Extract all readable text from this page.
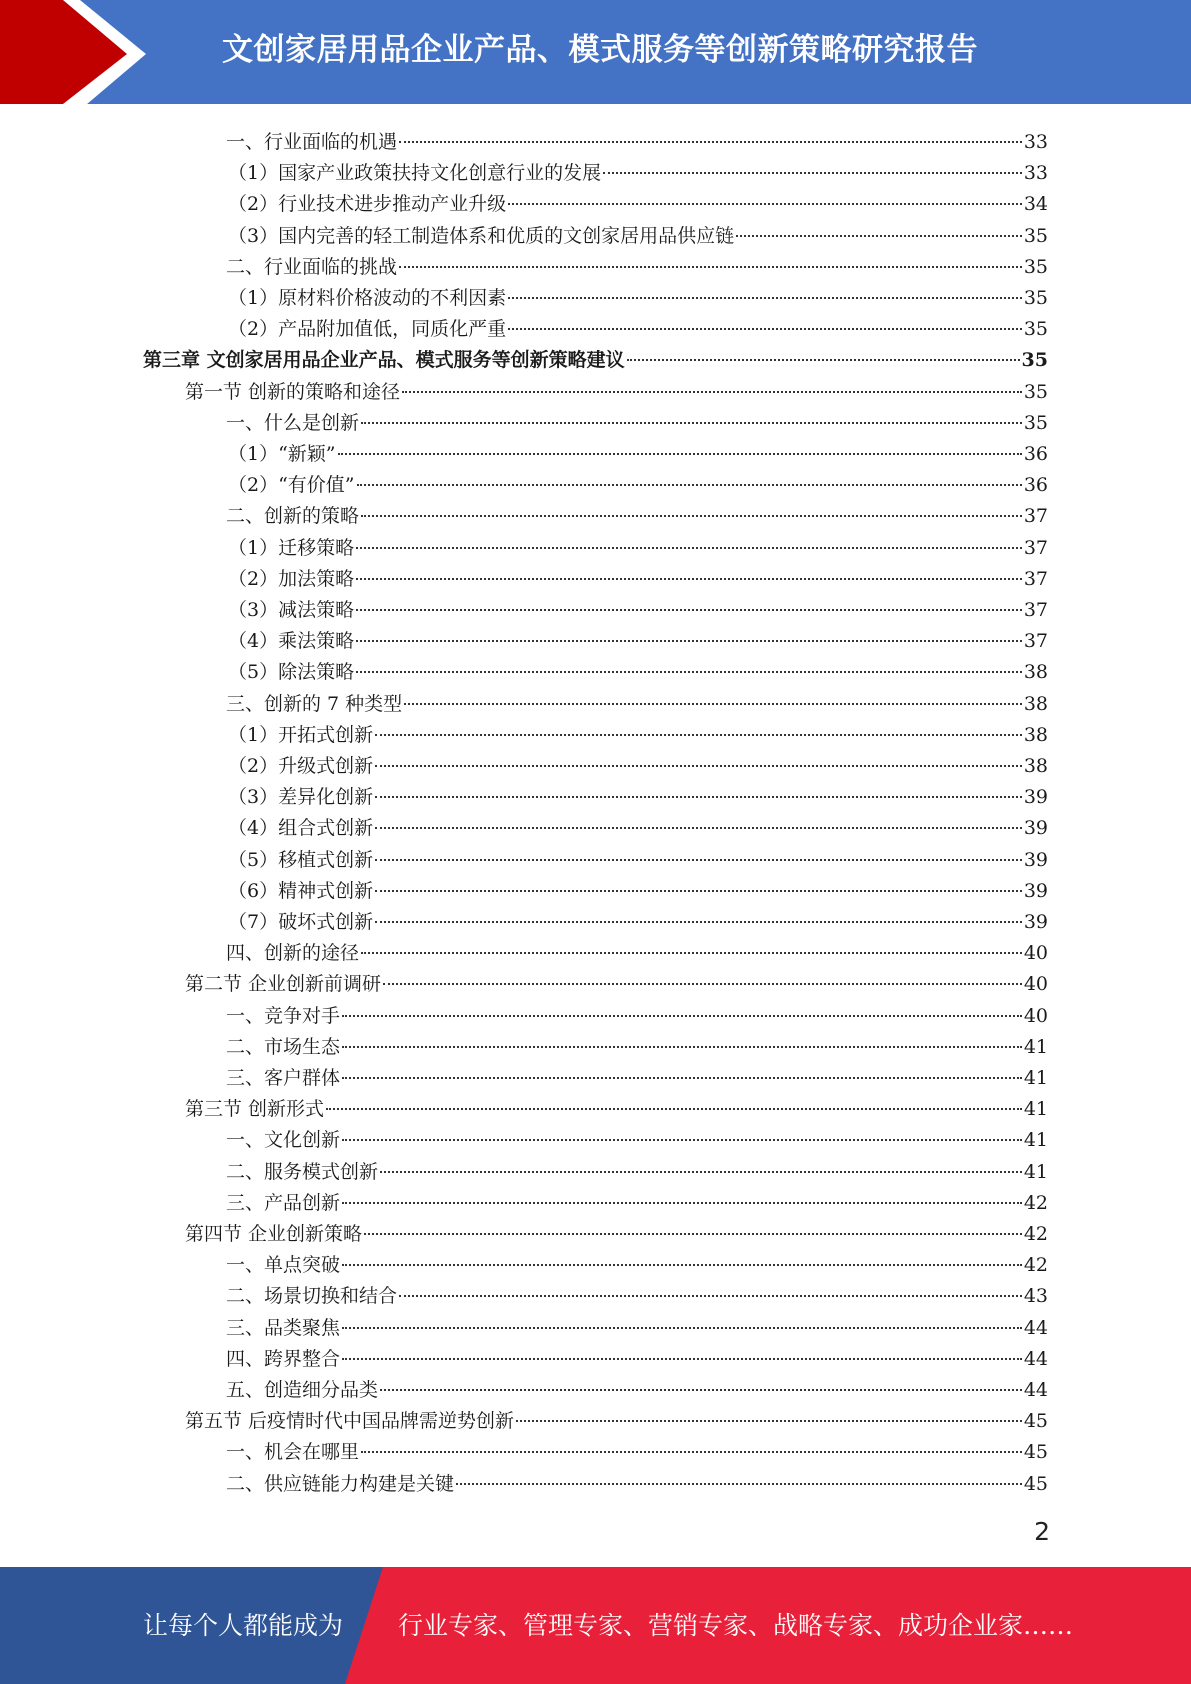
文创家居用品企业产品、模式服务等创新策略研究报告
一、行业面临的机遇	33
（1）国家产业政策扶持文化创意行业的发展	33
（2）行业技术进步推动产业升级	34
（3）国内完善的轻工制造体系和优质的文创家居用品供应链	35
二、行业面临的挑战	35
（1）原材料价格波动的不利因素	35
（2）产品附加值低，同质化严重	35
第三章 文创家居用品企业产品、模式服务等创新策略建议	35
第一节 创新的策略和途径	35
一、什么是创新	35
（1）“新颖”	36
（2）“有价值”	36
二、创新的策略	37
（1）迁移策略	37
（2）加法策略	37
（3）减法策略	37
（4）乘法策略	37
（5）除法策略	38
三、创新的 7 种类型	38
（1）开拓式创新	38
（2）升级式创新	38
（3）差异化创新	39
（4）组合式创新	39
（5）移植式创新	39
（6）精神式创新	39
（7）破坏式创新	39
四、创新的途径	40
第二节 企业创新前调研	40
一、竞争对手	40
二、市场生态	41
三、客户群体	41
第三节 创新形式	41
一、文化创新	41
二、服务模式创新	41
三、产品创新	42
第四节 企业创新策略	42
一、单点突破	42
二、场景切换和结合	43
三、品类聚焦	44
四、跨界整合	44
五、创造细分品类	44
第五节 后疫情时代中国品牌需逆势创新	45
一、机会在哪里	45
二、供应链能力构建是关键	45
2
让每个人都能成为 行业专家、管理专家、营销专家、战略专家、成功企业家……
